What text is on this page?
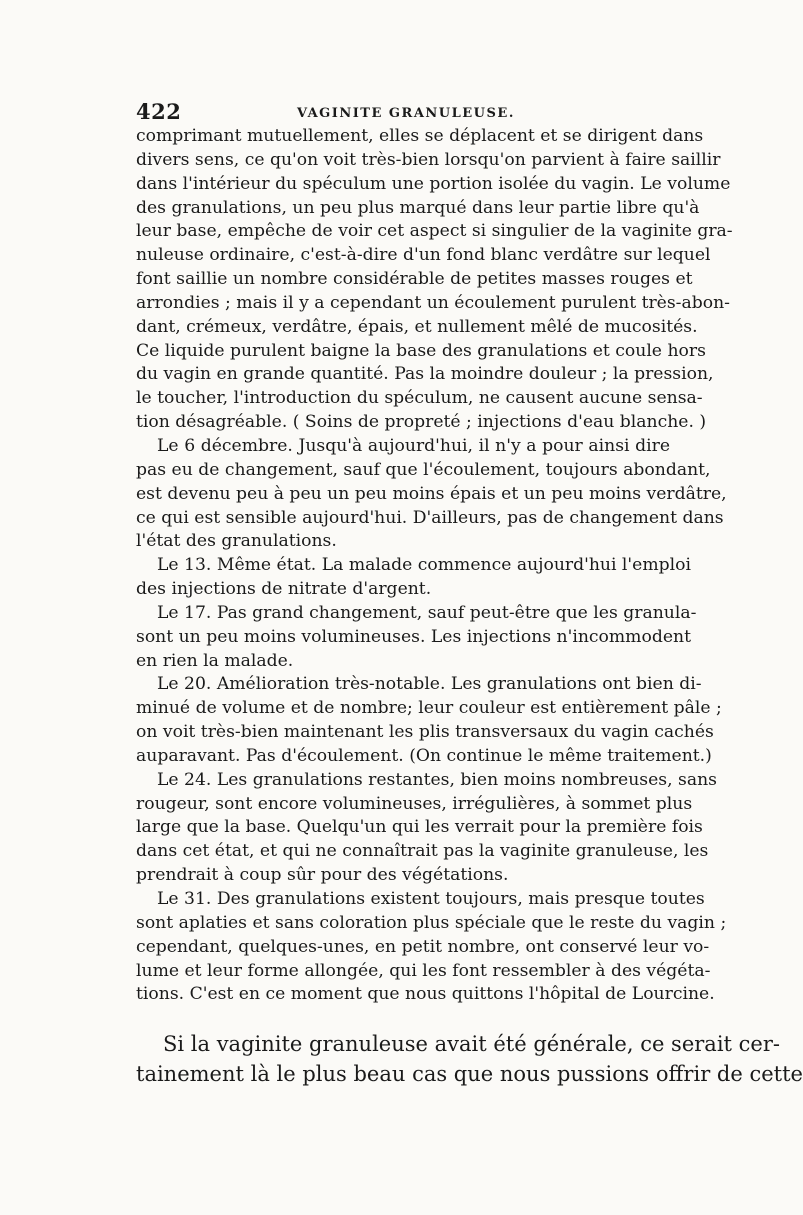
422	VAGINITE GRANULEUSE.
comprimant mutuellement, elles se déplacent et se dirigent dans
divers sens, ce qu'on voit très-bien lorsqu'on parvient à faire saillir
dans l'intérieur du spéculum une portion isolée du vagin. Le volume
des granulations, un peu plus marqué dans leur partie libre qu'à
leur base, empêche de voir cet aspect si singulier de la vaginite gra-
nuleuse ordinaire, c'est-à-dire d'un fond blanc verdâtre sur lequel
font saillie un nombre considérable de petites masses rouges et
arrondies ; mais il y a cependant un écoulement purulent très-abon-
dant, crémeux, verdâtre, épais, et nullement mêlé de mucosités.
Ce liquide purulent baigne la base des granulations et coule hors
du vagin en grande quantité. Pas la moindre douleur ; la pression,
le toucher, l'introduction du spéculum, ne causent aucune sensa-
tion désagréable. ( Soins de propreté ; injections d'eau blanche. )
Le 6 décembre. Jusqu'à aujourd'hui, il n'y a pour ainsi dire
pas eu de changement, sauf que l'écoulement, toujours abondant,
est devenu peu à peu un peu moins épais et un peu moins verdâtre,
ce qui est sensible aujourd'hui. D'ailleurs, pas de changement dans
l'état des granulations.
Le 13. Même état. La malade commence aujourd'hui l'emploi
des injections de nitrate d'argent.
Le 17. Pas grand changement, sauf peut-être que les granula-
sont un peu moins volumineuses. Les injections n'incommodent
en rien la malade.
Le 20. Amélioration très-notable. Les granulations ont bien di-
minué de volume et de nombre; leur couleur est entièrement pâle ;
on voit très-bien maintenant les plis transversaux du vagin cachés
auparavant. Pas d'écoulement. (On continue le même traitement.)
Le 24. Les granulations restantes, bien moins nombreuses, sans
rougeur, sont encore volumineuses, irrégulières, à sommet plus
large que la base. Quelqu'un qui les verrait pour la première fois
dans cet état, et qui ne connaîtrait pas la vaginite granuleuse, les
prendrait à coup sûr pour des végétations.
Le 31. Des granulations existent toujours, mais presque toutes
sont aplaties et sans coloration plus spéciale que le reste du vagin ;
cependant, quelques-unes, en petit nombre, ont conservé leur vo-
lume et leur forme allongée, qui les font ressembler à des végéta-
tions. C'est en ce moment que nous quittons l'hôpital de Lourcine.
Si la vaginite granuleuse avait été générale, ce serait cer-
tainement là le plus beau cas que nous pussions offrir de cette
